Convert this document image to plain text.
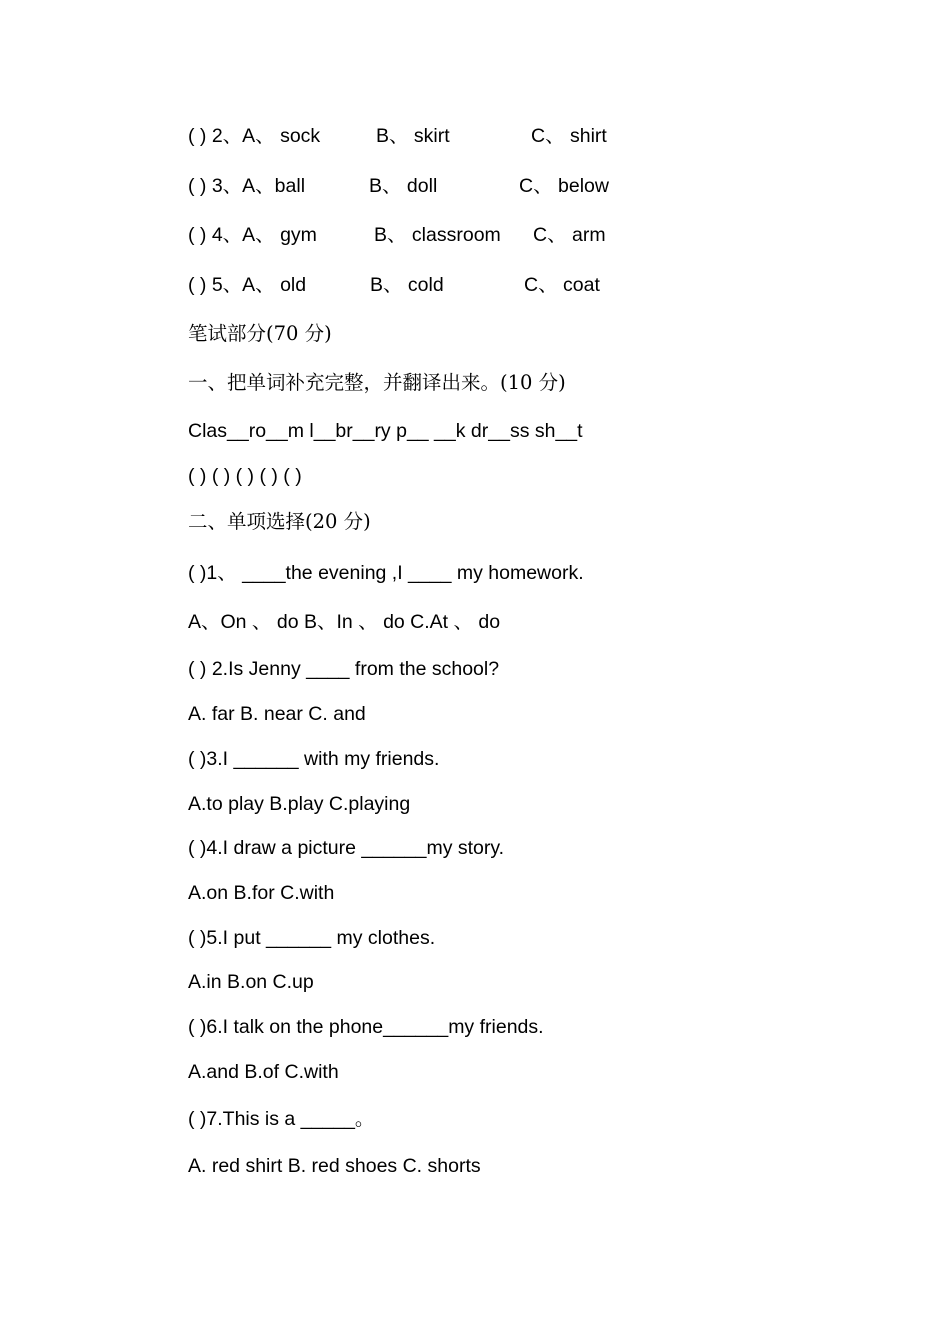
( ) 2、A、 sock

	B、 skirt

	C、 shirt

( ) 3、A、ball

	B、 doll

	C、 below

( ) 4、A、 gym

	B、 classroom

C、 arm

( ) 5、A、 old

	B、 cold

	C、 coat

笔试部分(70 分)
一、把单词补充完整，并翻译出来。(10 分)
Clas__ro__m l__br__ry p__ __k dr__ss sh__t
( ) ( ) ( ) ( ) ( )
二、单项选择(20 分)
( )1、 ____the evening ,I ____ my homework.
A、On 、 do B、In 、 do C.At 、 do
( ) 2.Is Jenny ____ from the school?
A. far B. near C. and
( )3.I ______ with my friends.
A.to play B.play C.playing
( )4.I draw a picture ______my story.
A.on B.for C.with
( )5.I put ______ my clothes.
A.in B.on C.up
( )6.I talk on the phone______my friends.
A.and B.of C.with
( )7.This is a _____。
A. red shirt B. red shoes C. shorts
